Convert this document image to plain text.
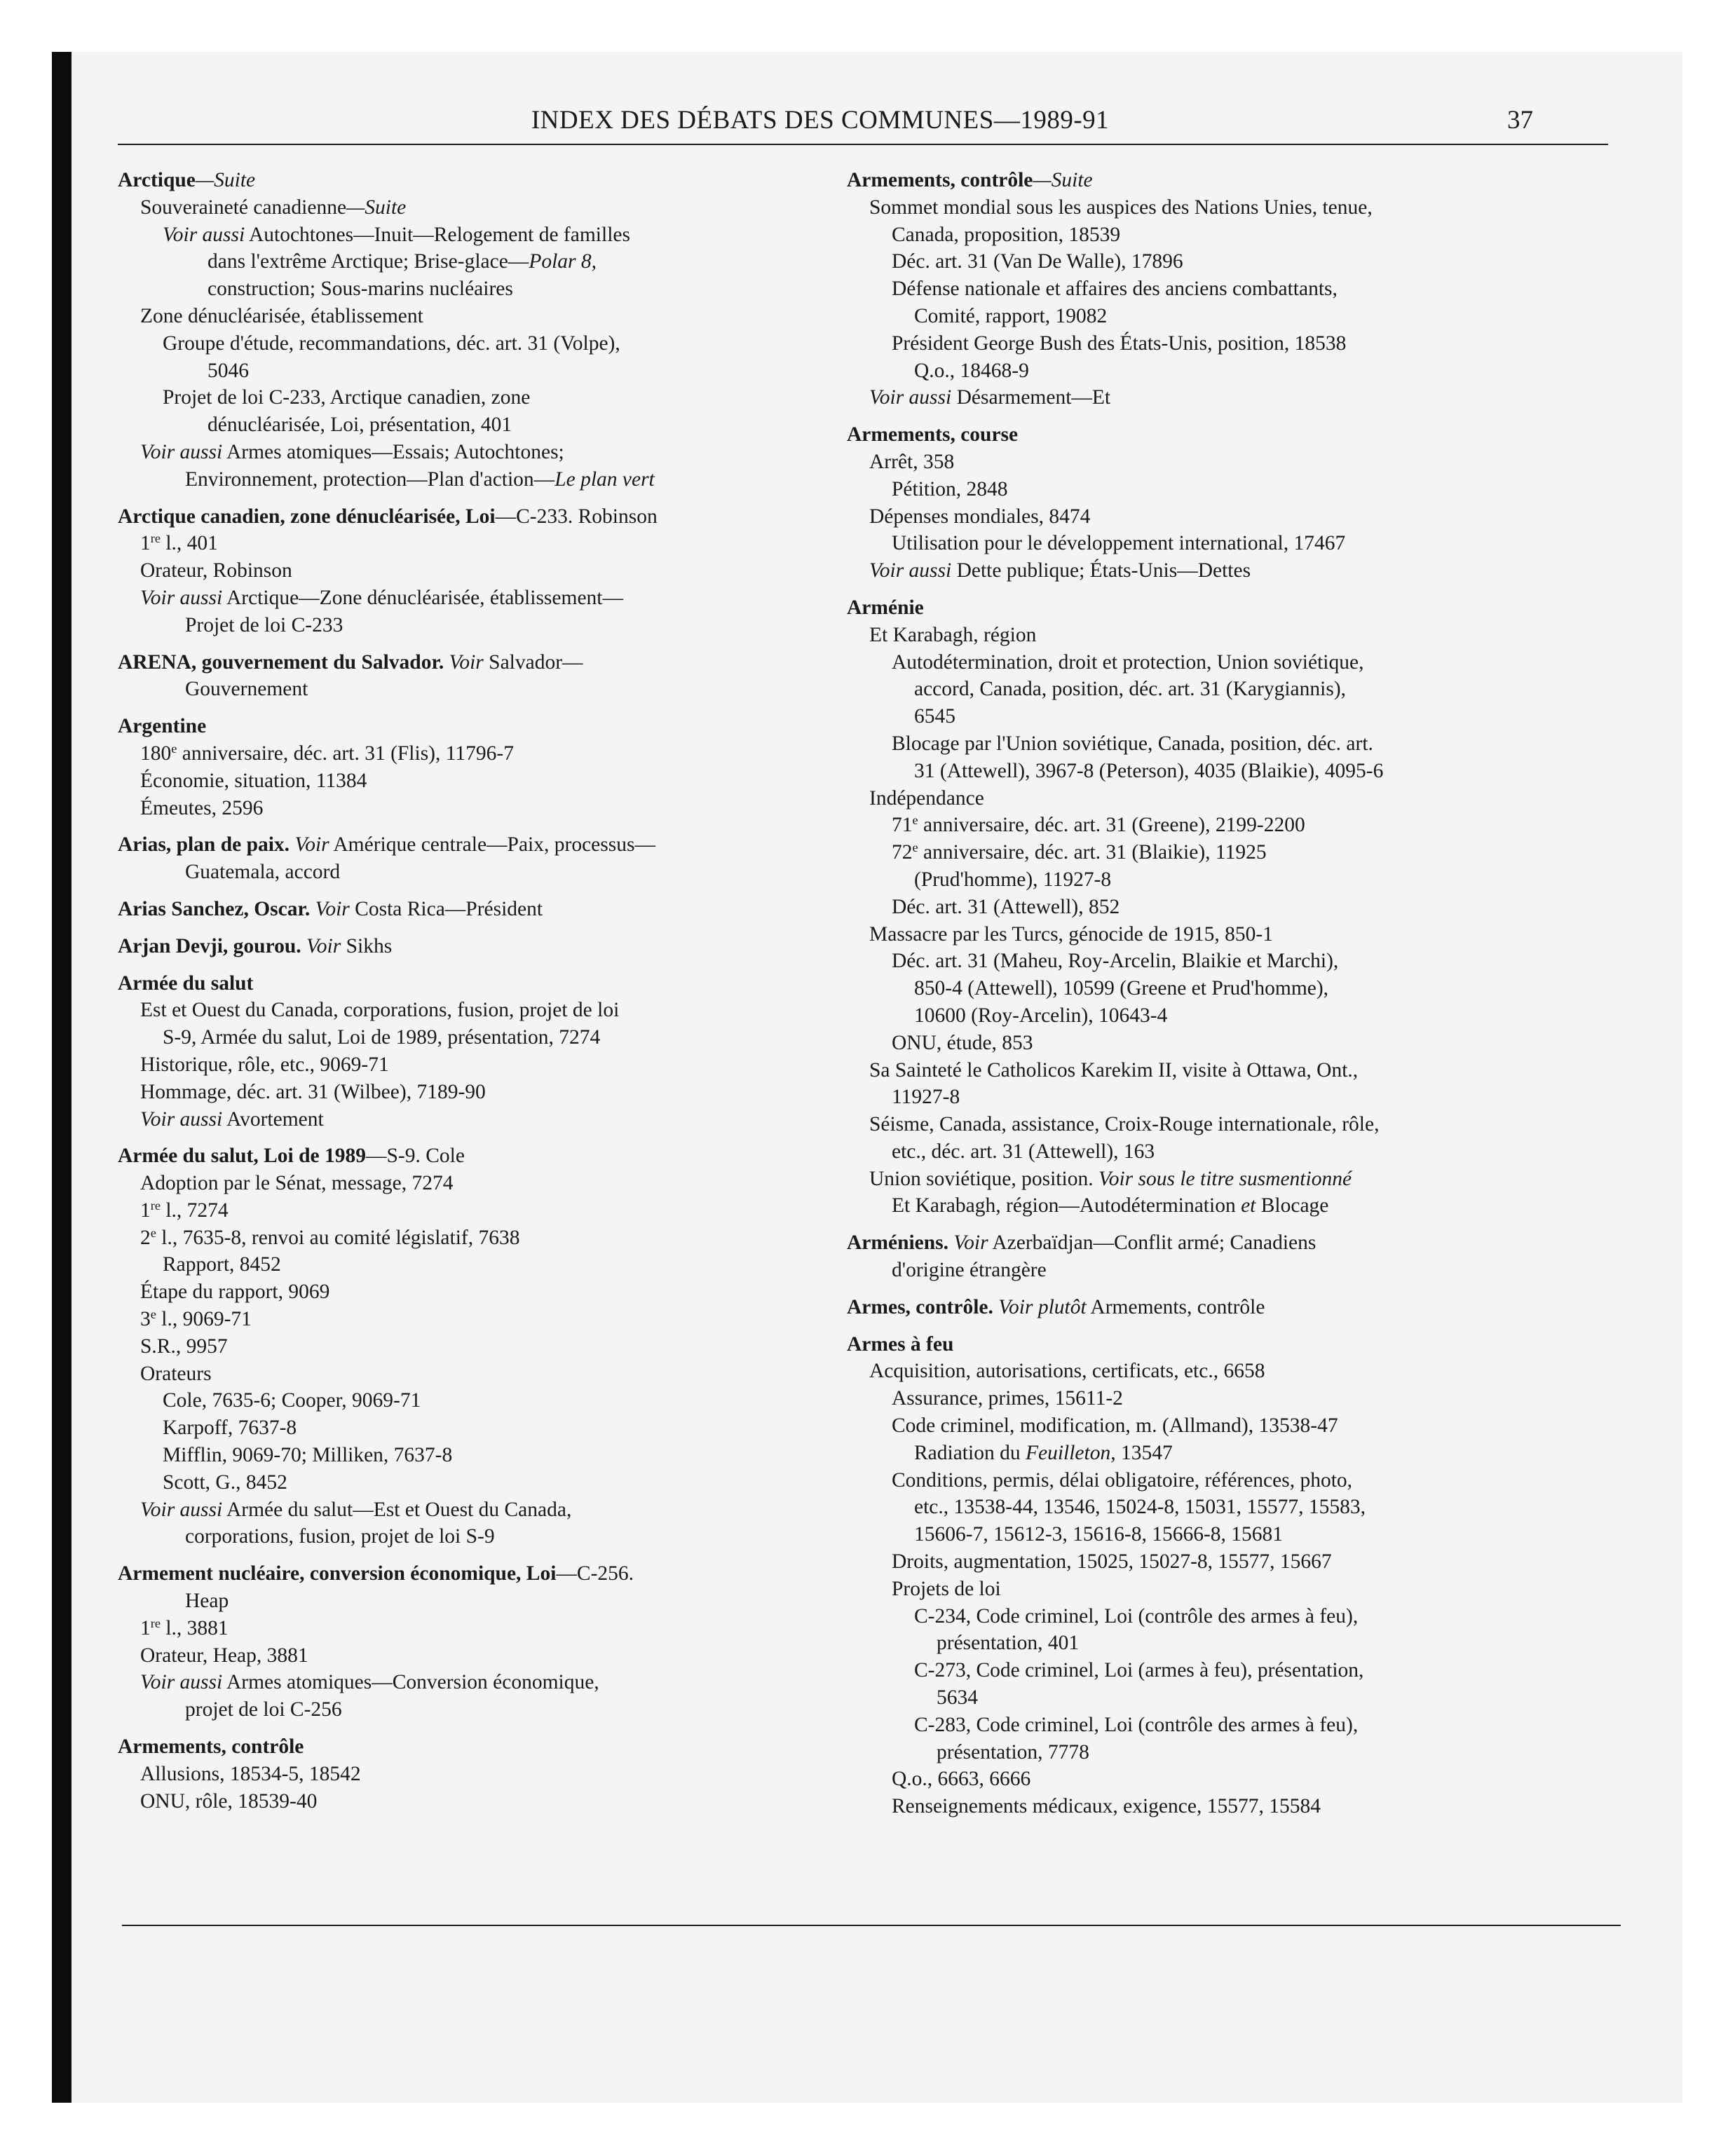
INDEX DES DÉBATS DES COMMUNES—1989-91	37
Arctique—Suite
Souveraineté canadienne—Suite
Voir aussi Autochtones—Inuit—Relogement de familles
dans l'extrême Arctique; Brise-glace—Polar 8,
construction; Sous-marins nucléaires
Zone dénucléarisée, établissement
Groupe d'étude, recommandations, déc. art. 31 (Volpe),
5046
Projet de loi C-233, Arctique canadien, zone
dénucléarisée, Loi, présentation, 401
Voir aussi Armes atomiques—Essais; Autochtones;
Environnement, protection—Plan d'action—Le plan vert
Arctique canadien, zone dénucléarisée, Loi—C-233. Robinson
1re l., 401
Orateur, Robinson
Voir aussi Arctique—Zone dénucléarisée, établissement—
Projet de loi C-233
ARENA, gouvernement du Salvador. Voir Salvador—
Gouvernement
Argentine
180e anniversaire, déc. art. 31 (Flis), 11796-7
Économie, situation, 11384
Émeutes, 2596
Arias, plan de paix. Voir Amérique centrale—Paix, processus—
Guatemala, accord
Arias Sanchez, Oscar. Voir Costa Rica—Président
Arjan Devji, gourou. Voir Sikhs
Armée du salut
Est et Ouest du Canada, corporations, fusion, projet de loi
S-9, Armée du salut, Loi de 1989, présentation, 7274
Historique, rôle, etc., 9069-71
Hommage, déc. art. 31 (Wilbee), 7189-90
Voir aussi Avortement
Armée du salut, Loi de 1989—S-9. Cole
Adoption par le Sénat, message, 7274
1re l., 7274
2e l., 7635-8, renvoi au comité législatif, 7638
Rapport, 8452
Étape du rapport, 9069
3e l., 9069-71
S.R., 9957
Orateurs
Cole, 7635-6; Cooper, 9069-71
Karpoff, 7637-8
Mifflin, 9069-70; Milliken, 7637-8
Scott, G., 8452
Voir aussi Armée du salut—Est et Ouest du Canada,
corporations, fusion, projet de loi S-9
Armement nucléaire, conversion économique, Loi—C-256.
Heap
1re l., 3881
Orateur, Heap, 3881
Voir aussi Armes atomiques—Conversion économique,
projet de loi C-256
Armements, contrôle
Allusions, 18534-5, 18542
ONU, rôle, 18539-40
Armements, contrôle—Suite
Sommet mondial sous les auspices des Nations Unies, tenue,
Canada, proposition, 18539
Déc. art. 31 (Van De Walle), 17896
Défense nationale et affaires des anciens combattants,
Comité, rapport, 19082
Président George Bush des États-Unis, position, 18538
Q.o., 18468-9
Voir aussi Désarmement—Et
Armements, course
Arrêt, 358
Pétition, 2848
Dépenses mondiales, 8474
Utilisation pour le développement international, 17467
Voir aussi Dette publique; États-Unis—Dettes
Arménie
Et Karabagh, région
Autodétermination, droit et protection, Union soviétique,
accord, Canada, position, déc. art. 31 (Karygiannis),
6545
Blocage par l'Union soviétique, Canada, position, déc. art.
31 (Attewell), 3967-8 (Peterson), 4035 (Blaikie), 4095-6
Indépendance
71e anniversaire, déc. art. 31 (Greene), 2199-2200
72e anniversaire, déc. art. 31 (Blaikie), 11925
(Prud'homme), 11927-8
Déc. art. 31 (Attewell), 852
Massacre par les Turcs, génocide de 1915, 850-1
Déc. art. 31 (Maheu, Roy-Arcelin, Blaikie et Marchi),
850-4 (Attewell), 10599 (Greene et Prud'homme),
10600 (Roy-Arcelin), 10643-4
ONU, étude, 853
Sa Sainteté le Catholicos Karekim II, visite à Ottawa, Ont.,
11927-8
Séisme, Canada, assistance, Croix-Rouge internationale, rôle,
etc., déc. art. 31 (Attewell), 163
Union soviétique, position. Voir sous le titre susmentionné
Et Karabagh, région—Autodétermination et Blocage
Arméniens. Voir Azerbaïdjan—Conflit armé; Canadiens
d'origine étrangère
Armes, contrôle. Voir plutôt Armements, contrôle
Armes à feu
Acquisition, autorisations, certificats, etc., 6658
Assurance, primes, 15611-2
Code criminel, modification, m. (Allmand), 13538-47
Radiation du Feuilleton, 13547
Conditions, permis, délai obligatoire, références, photo,
etc., 13538-44, 13546, 15024-8, 15031, 15577, 15583,
15606-7, 15612-3, 15616-8, 15666-8, 15681
Droits, augmentation, 15025, 15027-8, 15577, 15667
Projets de loi
C-234, Code criminel, Loi (contrôle des armes à feu),
présentation, 401
C-273, Code criminel, Loi (armes à feu), présentation,
5634
C-283, Code criminel, Loi (contrôle des armes à feu),
présentation, 7778
Q.o., 6663, 6666
Renseignements médicaux, exigence, 15577, 15584
